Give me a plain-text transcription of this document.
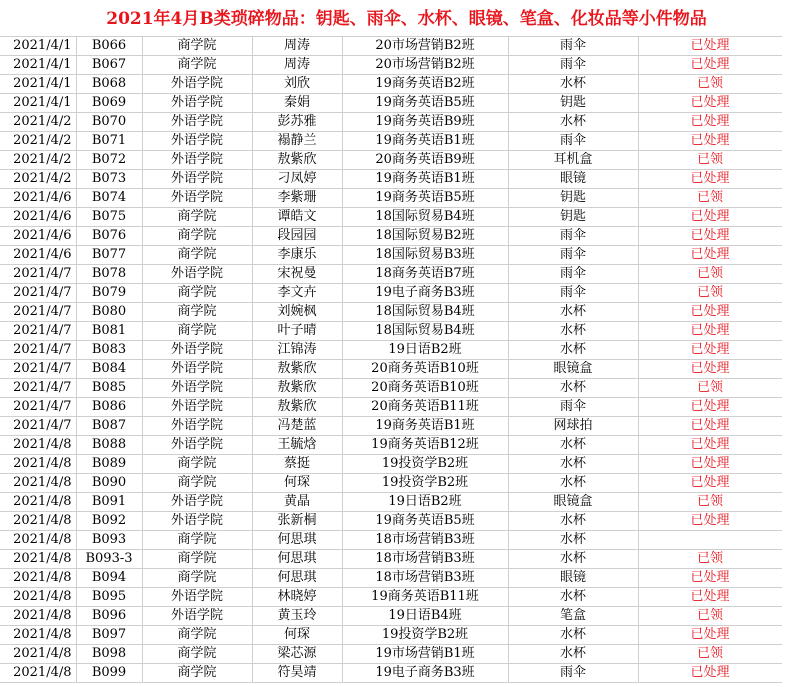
2021年4月B类琐碎物品：钥匙、雨伞、水杯、眼镜、笔盒、化妆品等小件物品
2021/4/1	B066	商学院	周涛	20市场营销B2班	雨伞	已处理
2021/4/1	B067	商学院	周涛	20市场营销B2班	雨伞	已处理
2021/4/1	B068	外语学院	刘欣	19商务英语B2班	水杯	已领
2021/4/1	B069	外语学院	秦娟	19商务英语B5班	钥匙	已处理
2021/4/2	B070	外语学院	彭苏雅	19商务英语B9班	水杯	已处理
2021/4/2	B071	外语学院	褟静兰	19商务英语B1班	雨伞	已处理
2021/4/2	B072	外语学院	敖紫欣	20商务英语B9班	耳机盒	已领
2021/4/2	B073	外语学院	刁凤婷	19商务英语B1班	眼镜	已处理
2021/4/6	B074	外语学院	李紫珊	19商务英语B5班	钥匙	已领
2021/4/6	B075	商学院	谭皓文	18国际贸易B4班	钥匙	已处理
2021/4/6	B076	商学院	段园园	18国际贸易B2班	雨伞	已处理
2021/4/6	B077	商学院	李康乐	18国际贸易B3班	雨伞	已处理
2021/4/7	B078	外语学院	宋祝曼	18商务英语B7班	雨伞	已领
2021/4/7	B079	商学院	李文卉	19电子商务B3班	雨伞	已领
2021/4/7	B080	商学院	刘婉枫	18国际贸易B4班	水杯	已处理
2021/4/7	B081	商学院	叶子晴	18国际贸易B4班	水杯	已处理
2021/4/7	B083	外语学院	江锦涛	19日语B2班	水杯	已处理
2021/4/7	B084	外语学院	敖紫欣	20商务英语B10班	眼镜盒	已处理
2021/4/7	B085	外语学院	敖紫欣	20商务英语B10班	水杯	已领
2021/4/7	B086	外语学院	敖紫欣	20商务英语B11班	雨伞	已处理
2021/4/7	B087	外语学院	冯楚蓝	19商务英语B1班	网球拍	已处理
2021/4/8	B088	外语学院	王毓焓	19商务英语B12班	水杯	已处理
2021/4/8	B089	商学院	蔡挺	19投资学B2班	水杯	已处理
2021/4/8	B090	商学院	何琛	19投资学B2班	水杯	已处理
2021/4/8	B091	外语学院	黄晶	19日语B2班	眼镜盒	已领
2021/4/8	B092	外语学院	张新桐	19商务英语B5班	水杯	已处理
2021/4/8	B093	商学院	何思琪	18市场营销B3班	水杯	
2021/4/8	B093-3	商学院	何思琪	18市场营销B3班	水杯	已领
2021/4/8	B094	商学院	何思琪	18市场营销B3班	眼镜	已处理
2021/4/8	B095	外语学院	林晓婷	19商务英语B11班	水杯	已处理
2021/4/8	B096	外语学院	黄玉玲	19日语B4班	笔盒	已领
2021/4/8	B097	商学院	何琛	19投资学B2班	水杯	已处理
2021/4/8	B098	商学院	梁芯源	19市场营销B1班	水杯	已领
2021/4/8	B099	商学院	符昊靖	19电子商务B3班	雨伞	已处理
